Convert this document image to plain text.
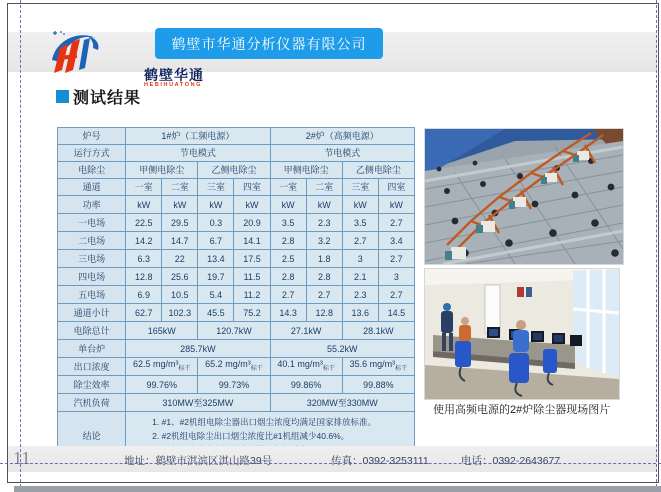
鹤壁华通
HEBIHUATONG
鹤壁市华通分析仪器有限公司
测试结果
炉号	1#炉（工频电源）				2#炉（高频电源）			
运行方式	节电模式				节电模式			
电除尘	甲侧电除尘		乙侧电除尘		甲侧电除尘		乙侧电除尘	
通道	一室	二室	三室	四室	一室	二室	三室	四室
功率	kW	kW	kW	kW	kW	kW	kW	kW
一电场	22.5	29.5	0.3	20.9	3.5	2.3	3.5	2.7
二电场	14.2	14.7	6.7	14.1	2.8	3.2	2.7	3.4
三电场	6.3	22	13.4	17.5	2.5	1.8	3	2.7
四电场	12.8	25.6	19.7	11.5	2.8	2.8	2.1	3
五电场	6.9	10.5	5.4	11.2	2.7	2.7	2.3	2.7
通道小计	62.7	102.3	45.5	75.2	14.3	12.8	13.6	14.5
电除总计	165kW		120.7kW		27.1kW		28.1kW	
单台炉	285.7kW				55.2kW			
出口浓度	62.5 $mg/m^3_{标干}$		65.2 $mg/m^3_{标干}$		40.1 $mg/m^3_{标干}$		35.6 $mg/m^3_{标干}$
除尘效率	99.76%		99.73%		99.86%		99.88%	
汽机负荷	310MW至325MW				320MW至330MW			
结论	1. #1、#2机组电除尘器出口烟尘浓度均满足国家排放标准。
2. #2机组电除尘出口烟尘浓度比#1机组减少40.6%。							
使用高频电源的2#炉除尘器现场图片
11	地址：鹤壁市淇滨区淇山路39号	传真：0392-3253111	电话：0392-2643677
